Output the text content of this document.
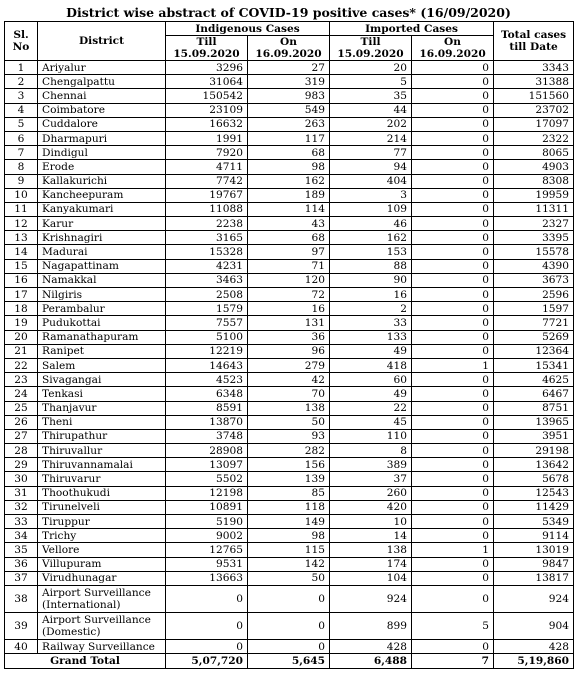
District wise abstract of COVID-19 positive cases* (16/09/2020)
Sl. No	District	Indigenous Cases		Imported Cases		Total cases till Date
		Till 15.09.2020	On 16.09.2020	Till 15.09.2020	On 16.09.2020	
1	Ariyalur	3296	27	20	0	3343
2	Chengalpattu	31064	319	5	0	31388
3	Chennai	150542	983	35	0	151560
4	Coimbatore	23109	549	44	0	23702
5	Cuddalore	16632	263	202	0	17097
6	Dharmapuri	1991	117	214	0	2322
7	Dindigul	7920	68	77	0	8065
8	Erode	4711	98	94	0	4903
9	Kallakurichi	7742	162	404	0	8308
10	Kancheepuram	19767	189	3	0	19959
11	Kanyakumari	11088	114	109	0	11311
12	Karur	2238	43	46	0	2327
13	Krishnagiri	3165	68	162	0	3395
14	Madurai	15328	97	153	0	15578
15	Nagapattinam	4231	71	88	0	4390
16	Namakkal	3463	120	90	0	3673
17	Nilgiris	2508	72	16	0	2596
18	Perambalur	1579	16	2	0	1597
19	Pudukottai	7557	131	33	0	7721
20	Ramanathapuram	5100	36	133	0	5269
21	Ranipet	12219	96	49	0	12364
22	Salem	14643	279	418	1	15341
23	Sivagangai	4523	42	60	0	4625
24	Tenkasi	6348	70	49	0	6467
25	Thanjavur	8591	138	22	0	8751
26	Theni	13870	50	45	0	13965
27	Thirupathur	3748	93	110	0	3951
28	Thiruvallur	28908	282	8	0	29198
29	Thiruvannamalai	13097	156	389	0	13642
30	Thiruvarur	5502	139	37	0	5678
31	Thoothukudi	12198	85	260	0	12543
32	Tirunelveli	10891	118	420	0	11429
33	Tiruppur	5190	149	10	0	5349
34	Trichy	9002	98	14	0	9114
35	Vellore	12765	115	138	1	13019
36	Villupuram	9531	142	174	0	9847
37	Virudhunagar	13663	50	104	0	13817
38	Airport Surveillance (International)	0	0	924	0	924
39	Airport Surveillance (Domestic)	0	0	899	5	904
40	Railway Surveillance	0	0	428	0	428
Grand Total		5,07,720	5,645	6,488	7	5,19,860
